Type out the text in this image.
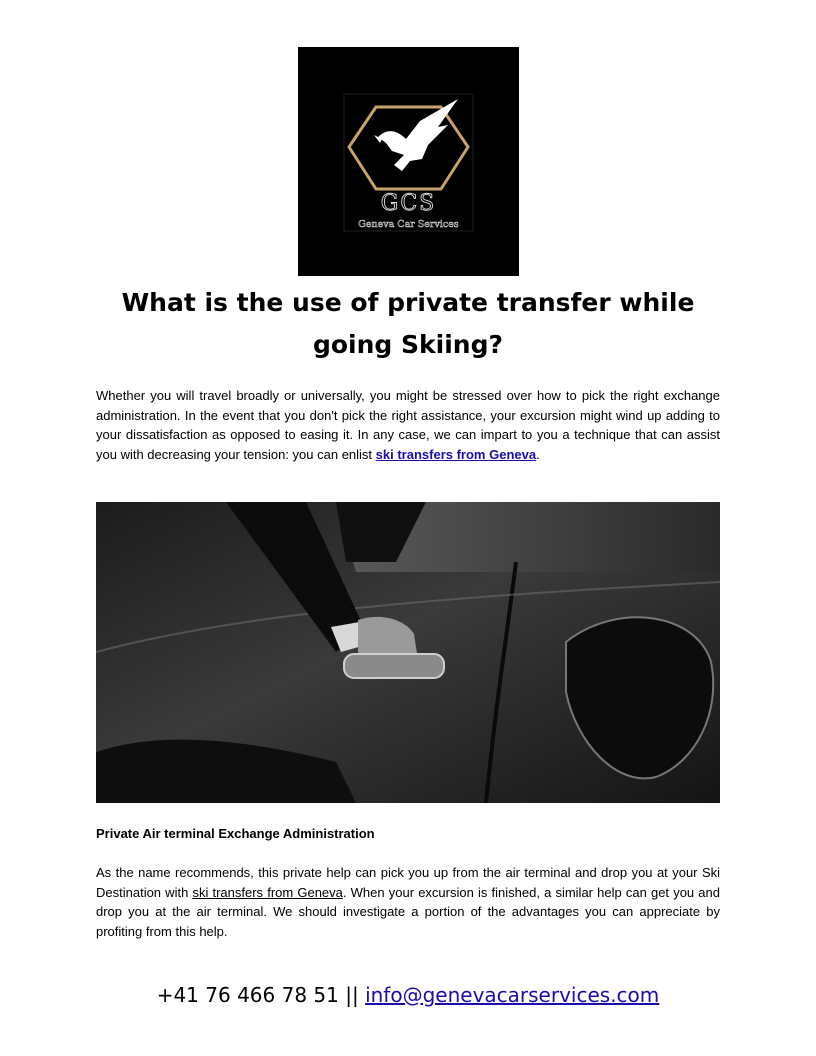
GCS
Geneva Car Services
What is the use of private transfer while going Skiing?

Whether you will travel broadly or universally, you might be stressed over how to pick the right exchange administration. In the event that you don't pick the right assistance, your excursion might wind up adding to your dissatisfaction as opposed to easing it. In any case, we can impart to you a technique that can assist you with decreasing your tension: you can enlist ski transfers from Geneva.

Private Air terminal Exchange Administration

As the name recommends, this private help can pick you up from the air terminal and drop you at your Ski Destination with ski transfers from Geneva. When your excursion is finished, a similar help can get you and drop you at the air terminal. We should investigate a portion of the advantages you can appreciate by profiting from this help.

+41 76 466 78 51 || info@genevacarservices.com
